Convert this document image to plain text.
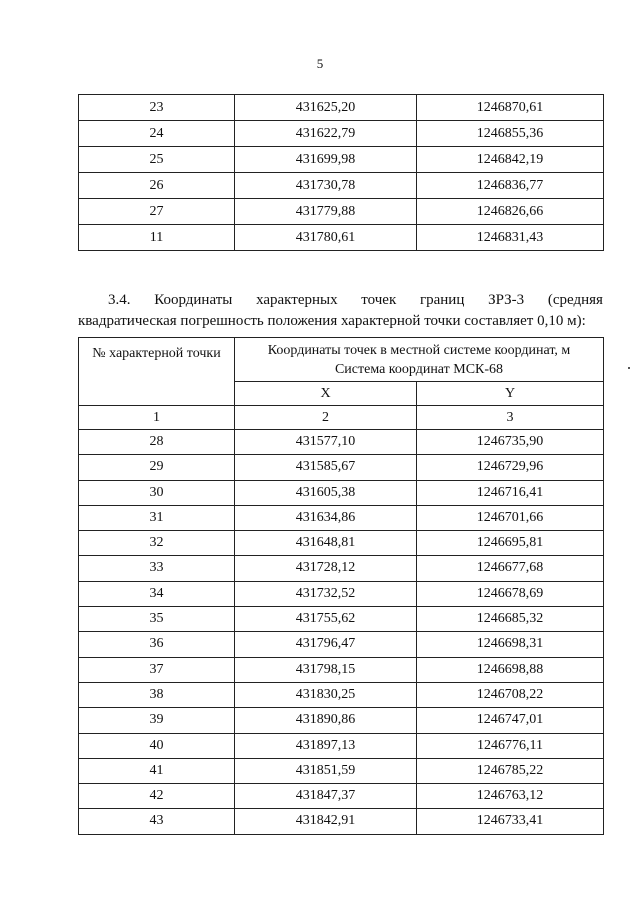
5
23	431625,20	1246870,61
24	431622,79	1246855,36
25	431699,98	1246842,19
26	431730,78	1246836,77
27	431779,88	1246826,66
11	431780,61	1246831,43
3.4. Координаты характерных точек границ ЗРЗ-3 (средняя
квадратическая погрешность положения характерной точки составляет 0,10 м):
№ характерной точки	Координаты точек в местной системе координат, м
Система координат МСК-68	

	X	Y
1	2	3
28	431577,10	1246735,90
29	431585,67	1246729,96
30	431605,38	1246716,41
31	431634,86	1246701,66
32	431648,81	1246695,81
33	431728,12	1246677,68
34	431732,52	1246678,69
35	431755,62	1246685,32
36	431796,47	1246698,31
37	431798,15	1246698,88
38	431830,25	1246708,22
39	431890,86	1246747,01
40	431897,13	1246776,11
41	431851,59	1246785,22
42	431847,37	1246763,12
43	431842,91	1246733,41
